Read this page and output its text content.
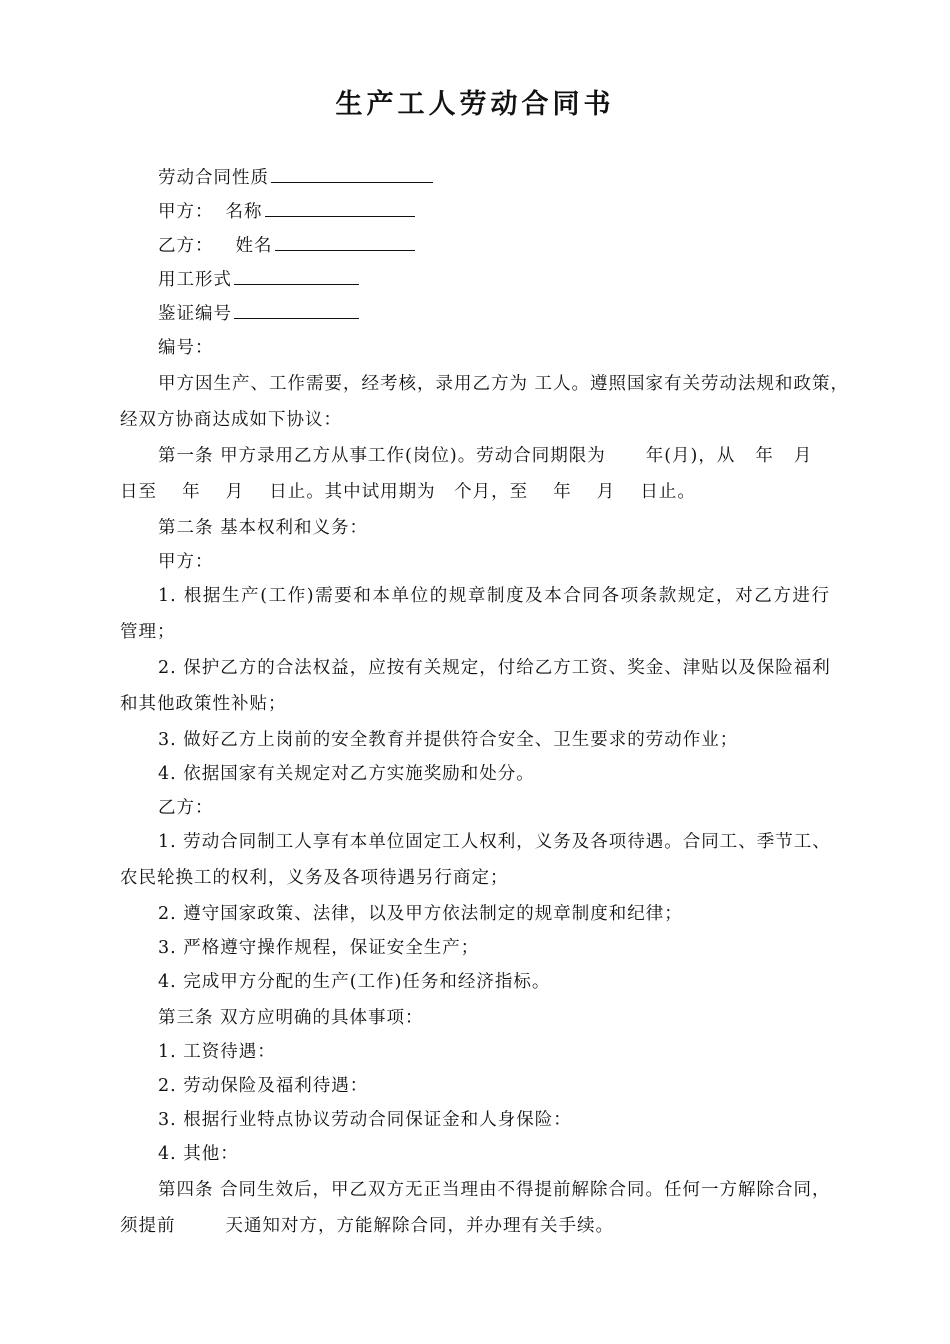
生产工人劳动合同书
劳动合同性质
甲方： 名称
乙方： 姓名
用工形式
鉴证编号
编号：
甲方因生产、工作需要，经考核，录用乙方为 工人。遵照国家有关劳动法规和政策，
经双方协商达成如下协议：
第一条 甲方录用乙方从事工作(岗位)。劳动合同期限为 年(月)，从 年 月
日至　 年　 月　 日止。其中试用期为　个月，至　 年　 月　 日止。
第二条 基本权利和义务：
甲方：
1. 根据生产(工作)需要和本单位的规章制度及本合同各项条款规定，对乙方进行
管理；
2. 保护乙方的合法权益，应按有关规定，付给乙方工资、奖金、津贴以及保险福利
和其他政策性补贴；
3. 做好乙方上岗前的安全教育并提供符合安全、卫生要求的劳动作业；
4. 依据国家有关规定对乙方实施奖励和处分。
乙方：
1. 劳动合同制工人享有本单位固定工人权利，义务及各项待遇。合同工、季节工、
农民轮换工的权利，义务及各项待遇另行商定；
2. 遵守国家政策、法律，以及甲方依法制定的规章制度和纪律；
3. 严格遵守操作规程，保证安全生产；
4. 完成甲方分配的生产(工作)任务和经济指标。
第三条 双方应明确的具体事项：
1. 工资待遇：
2. 劳动保险及福利待遇：
3. 根据行业特点协议劳动合同保证金和人身保险：
4. 其他：
第四条 合同生效后，甲乙双方无正当理由不得提前解除合同。任何一方解除合同，
须提前	天通知对方，方能解除合同，并办理有关手续。
